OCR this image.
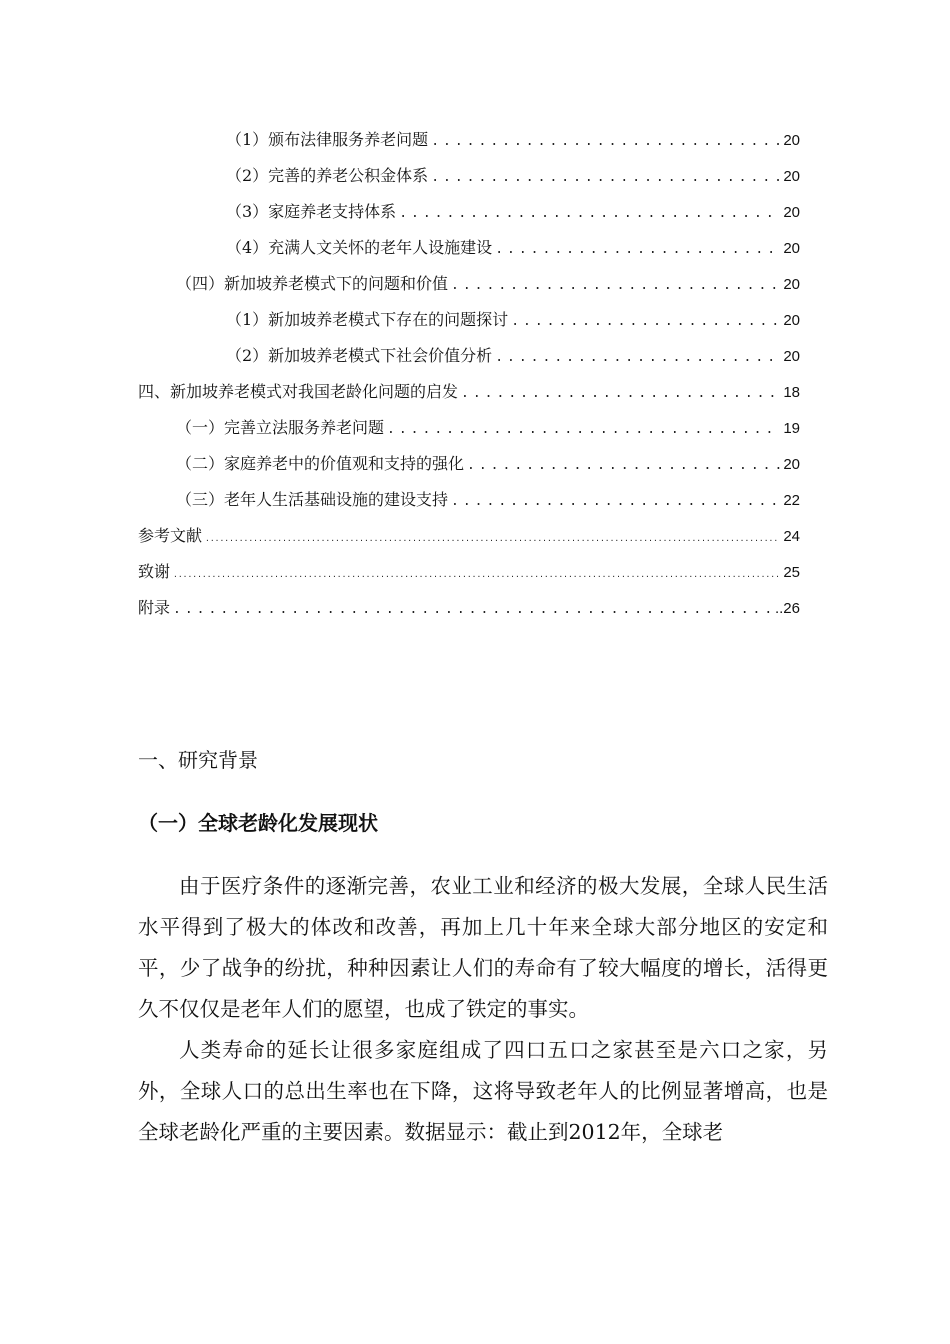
（1）颁布法律服务养老问题 .....	20
（2）完善的养老公积金体系 .....	20
（3）家庭养老支持体系 .....	20
（4）充满人文关怀的老年人设施建设 .....	20
（四）新加坡养老模式下的问题和价值 .....	20
（1）新加坡养老模式下存在的问题探讨 .....	20
（2）新加坡养老模式下社会价值分析 .....	20
四、新加坡养老模式对我国老龄化问题的启发 .....	18
（一）完善立法服务养老问题 .....	19
（二）家庭养老中的价值观和支持的强化 .....	20
（三）老年人生活基础设施的建设支持 .....	22
参考文献 .....	24
致谢 .....	25
附录 .....	..26
一、研究背景
（一）全球老龄化发展现状

由于医疗条件的逐渐完善，农业工业和经济的极大发展，全球人民生活水平得到了极大的体改和改善，再加上几十年来全球大部分地区的安定和平，少了战争的纷扰，种种因素让人们的寿命有了较大幅度的增长，活得更久不仅仅是老年人们的愿望，也成了铁定的事实。

人类寿命的延长让很多家庭组成了四口五口之家甚至是六口之家，另外，全球人口的总出生率也在下降，这将导致老年人的比例显著增高，也是全球老龄化严重的主要因素。数据显示：截止到2012年，全球老
